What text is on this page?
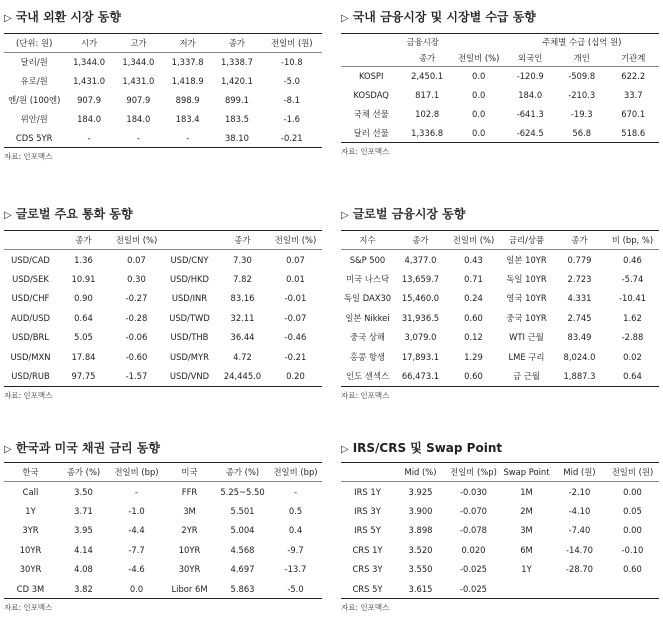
▷ 국내 외환 시장 동향
(단위: 원)	시가	고가	저가	종가	전일비 (원)
달러/원	1,344.0	1,344.0	1,337.8	1,338.7	-10.8
유로/원	1,431.0	1,431.0	1,418.9	1,420.1	-5.0
엔/원 (100엔)	907.9	907.9	898.9	899.1	-8.1
위안/원	184.0	184.0	183.4	183.5	-1.6
CDS 5YR	-	-	-	38.10	-0.21
자료: 인포맥스
▷ 국내 금융시장 및 시장별 수급 동향
금융시장			주체별 수급 (십억 원)		
	종가	전일비 (%)	외국인	개인	기관계
KOSPI	2,450.1	0.0	-120.9	-509.8	622.2
KOSDAQ	817.1	0.0	184.0	-210.3	33.7
국채 선물	102.8	0.0	-641.3	-19.3	670.1
달러 선물	1,336.8	0.0	-624.5	56.8	518.6
자료: 인포맥스
▷ 글로벌 주요 통화 동향
	종가	전일비 (%)		종가	전일비 (%)
USD/CAD	1.36	0.07	USD/CNY	7.30	0.07
USD/SEK	10.91	0.30	USD/HKD	7.82	0.01
USD/CHF	0.90	-0.27	USD/INR	83.16	-0.01
AUD/USD	0.64	-0.28	USD/TWD	32.11	-0.07
USD/BRL	5.05	-0.06	USD/THB	36.44	-0.46
USD/MXN	17.84	-0.60	USD/MYR	4.72	-0.21
USD/RUB	97.75	-1.57	USD/VND	24,445.0	0.20
자료: 인포맥스
▷ 글로벌 금융시장 동향
지수	종가	전일비 (%)	금리/상품	종가	비 (bp, %)
S&P 500	4,377.0	0.43	일본 10YR	0.779	0.46
미국 나스닥	13,659.7	0.71	독일 10YR	2.723	-5.74
독일 DAX30	15,460.0	0.24	영국 10YR	4.331	-10.41
일본 Nikkei	31,936.5	0.60	중국 10YR	2.745	1.62
중국 상해	3,079.0	0.12	WTI 근월	83.49	-2.88
홍콩 항생	17,893.1	1.29	LME 구리	8,024.0	0.02
인도 센섹스	66,473.1	0.60	금 근월	1,887.3	0.64
자료: 인포맥스
▷ 한국과 미국 채권 금리 동향
한국	종가 (%)	전일비 (bp)	미국	종가 (%)	전일비 (bp)
Call	3.50	-	FFR	5.25~5.50	-
1Y	3.71	-1.0	3M	5.501	0.5
3YR	3.95	-4.4	2YR	5.004	0.4
10YR	4.14	-7.7	10YR	4.568	-9.7
30YR	4.08	-4.6	30YR	4.697	-13.7
CD 3M	3.82	0.0	Libor 6M	5.863	-5.0
자료: 인포맥스
▷ IRS/CRS 및 Swap Point
	Mid (%)	전일비 (%p)	Swap Point	Mid (원)	전일비 (원)
IRS 1Y	3.925	-0.030	1M	-2.10	0.00
IRS 3Y	3.900	-0.070	2M	-4.10	0.05
IRS 5Y	3.898	-0.078	3M	-7.40	0.00
CRS 1Y	3.520	0.020	6M	-14.70	-0.10
CRS 3Y	3.550	-0.025	1Y	-28.70	0.60
CRS 5Y	3.615	-0.025			
자료: 인포맥스
